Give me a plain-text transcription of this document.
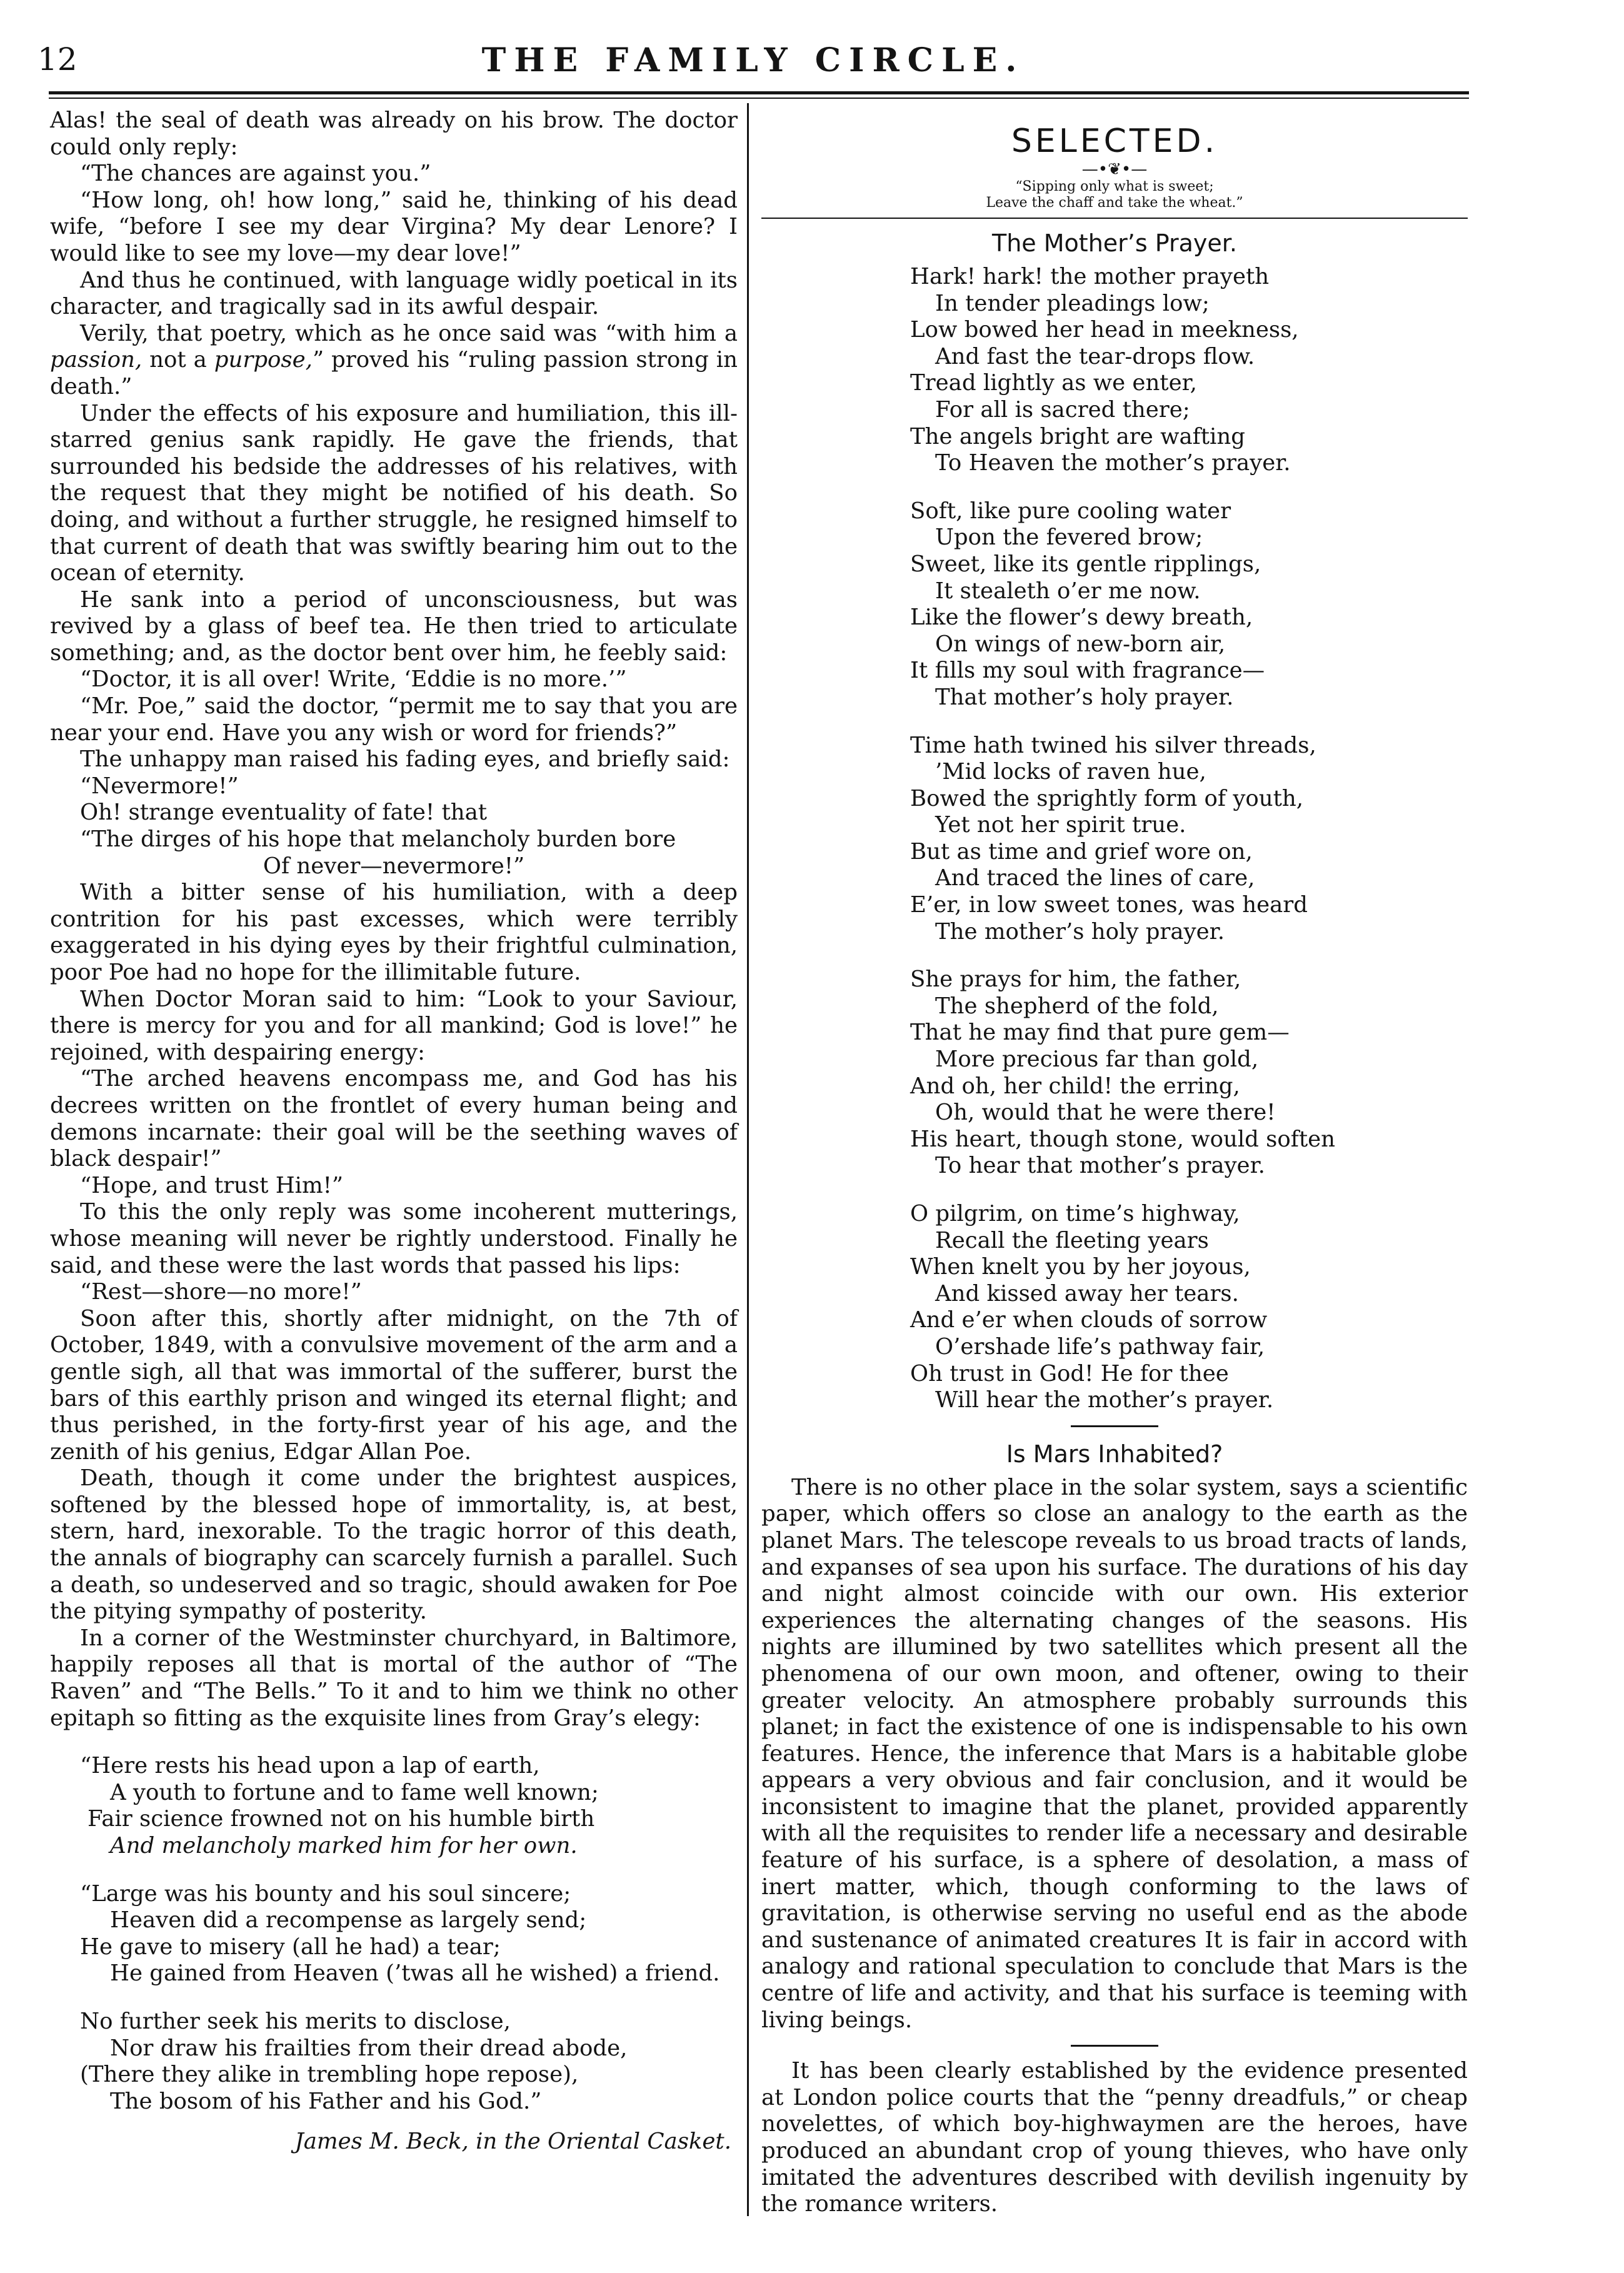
12	THE FAMILY CIRCLE.

Alas! the seal of death was already on his brow. The doctor could only reply:

“The chances are against you.”

“How long, oh! how long,” said he, thinking of his dead wife, “before I see my dear Virgina? My dear Lenore? I would like to see my love—my dear love!”

And thus he continued, with language widly poetical in its character, and tragically sad in its awful despair.

Verily, that poetry, which as he once said was “with him a passion, not a purpose,” proved his “ruling passion strong in death.”

Under the effects of his exposure and humiliation, this ill-starred genius sank rapidly. He gave the friends, that surrounded his bedside the addresses of his relatives, with the request that they might be notified of his death. So doing, and without a further struggle, he resigned himself to that current of death that was swiftly bearing him out to the ocean of eternity.

He sank into a period of unconsciousness, but was revived by a glass of beef tea. He then tried to articulate something; and, as the doctor bent over him, he feebly said:

“Doctor, it is all over! Write, ‘Eddie is no more.’”

“Mr. Poe,” said the doctor, “permit me to say that you are near your end. Have you any wish or word for friends?”

The unhappy man raised his fading eyes, and briefly said:

“Nevermore!”

Oh! strange eventuality of fate! that

“The dirges of his hope that melancholy burden bore

Of never—nevermore!”

With a bitter sense of his humiliation, with a deep contrition for his past excesses, which were terribly exaggerated in his dying eyes by their frightful culmination, poor Poe had no hope for the illimitable future.

When Doctor Moran said to him: “Look to your Saviour, there is mercy for you and for all mankind; God is love!” he rejoined, with despairing energy:

“The arched heavens encompass me, and God has his decrees written on the frontlet of every human being and demons incarnate: their goal will be the seething waves of black despair!”

“Hope, and trust Him!”

To this the only reply was some incoherent mutterings, whose meaning will never be rightly understood. Finally he said, and these were the last words that passed his lips:

“Rest—shore—no more!”

Soon after this, shortly after midnight, on the 7th of October, 1849, with a convulsive movement of the arm and a gentle sigh, all that was immortal of the sufferer, burst the bars of this earthly prison and winged its eternal flight; and thus perished, in the forty-first year of his age, and the zenith of his genius, Edgar Allan Poe.

Death, though it come under the brightest auspices, softened by the blessed hope of immortality, is, at best, stern, hard, inexorable. To the tragic horror of this death, the annals of biography can scarcely furnish a parallel. Such a death, so undeserved and so tragic, should awaken for Poe the pitying sympathy of posterity.

In a corner of the Westminster churchyard, in Baltimore, happily reposes all that is mortal of the author of “The Raven” and “The Bells.” To it and to him we think no other epitaph so fitting as the exquisite lines from Gray’s elegy:

“Here rests his head upon a lap of earth,

A youth to fortune and to fame well known;

Fair science frowned not on his humble birth

And melancholy marked him for her own.

“Large was his bounty and his soul sincere;

Heaven did a recompense as largely send;

He gave to misery (all he had) a tear;

He gained from Heaven (’twas all he wished) a friend.

No further seek his merits to disclose,

Nor draw his frailties from their dread abode,

(There they alike in trembling hope repose),

The bosom of his Father and his God.”

James M. Beck, in the Oriental Casket.
SELECTED.
—•❦•—
“Sipping only what is sweet;
Leave the chaff and take the wheat.”
The Mother’s Prayer.

Hark! hark! the mother prayeth

In tender pleadings low;

Low bowed her head in meekness,

And fast the tear-drops flow.

Tread lightly as we enter,

For all is sacred there;

The angels bright are wafting

To Heaven the mother’s prayer.

Soft, like pure cooling water

Upon the fevered brow;

Sweet, like its gentle ripplings,

It stealeth o’er me now.

Like the flower’s dewy breath,

On wings of new-born air,

It fills my soul with fragrance—

That mother’s holy prayer.

Time hath twined his silver threads,

’Mid locks of raven hue,

Bowed the sprightly form of youth,

Yet not her spirit true.

But as time and grief wore on,

And traced the lines of care,

E’er, in low sweet tones, was heard

The mother’s holy prayer.

She prays for him, the father,

The shepherd of the fold,

That he may find that pure gem—

More precious far than gold,

And oh, her child! the erring,

Oh, would that he were there!

His heart, though stone, would soften

To hear that mother’s prayer.

O pilgrim, on time’s highway,

Recall the fleeting years

When knelt you by her joyous,

And kissed away her tears.

And e’er when clouds of sorrow

O’ershade life’s pathway fair,

Oh trust in God! He for thee

Will hear the mother’s prayer.

Is Mars Inhabited?

There is no other place in the solar system, says a scientific paper, which offers so close an analogy to the earth as the planet Mars. The telescope reveals to us broad tracts of lands, and expanses of sea upon his surface. The durations of his day and night almost coincide with our own. His exterior experiences the alternating changes of the seasons. His nights are illumined by two satellites which present all the phenomena of our own moon, and oftener, owing to their greater velocity. An atmosphere probably surrounds this planet; in fact the existence of one is indispensable to his own features. Hence, the inference that Mars is a habitable globe appears a very obvious and fair conclusion, and it would be inconsistent to imagine that the planet, provided apparently with all the requisites to render life a necessary and desirable feature of his surface, is a sphere of desolation, a mass of inert matter, which, though conforming to the laws of gravitation, is otherwise serving no useful end as the abode and sustenance of animated creatures It is fair in accord with analogy and rational speculation to conclude that Mars is the centre of life and activity, and that his surface is teeming with living beings.

It has been clearly established by the evidence presented at London police courts that the “penny dreadfuls,” or cheap novelettes, of which boy-highwaymen are the heroes, have produced an abundant crop of young thieves, who have only imitated the adventures described with devilish ingenuity by the romance writers.
